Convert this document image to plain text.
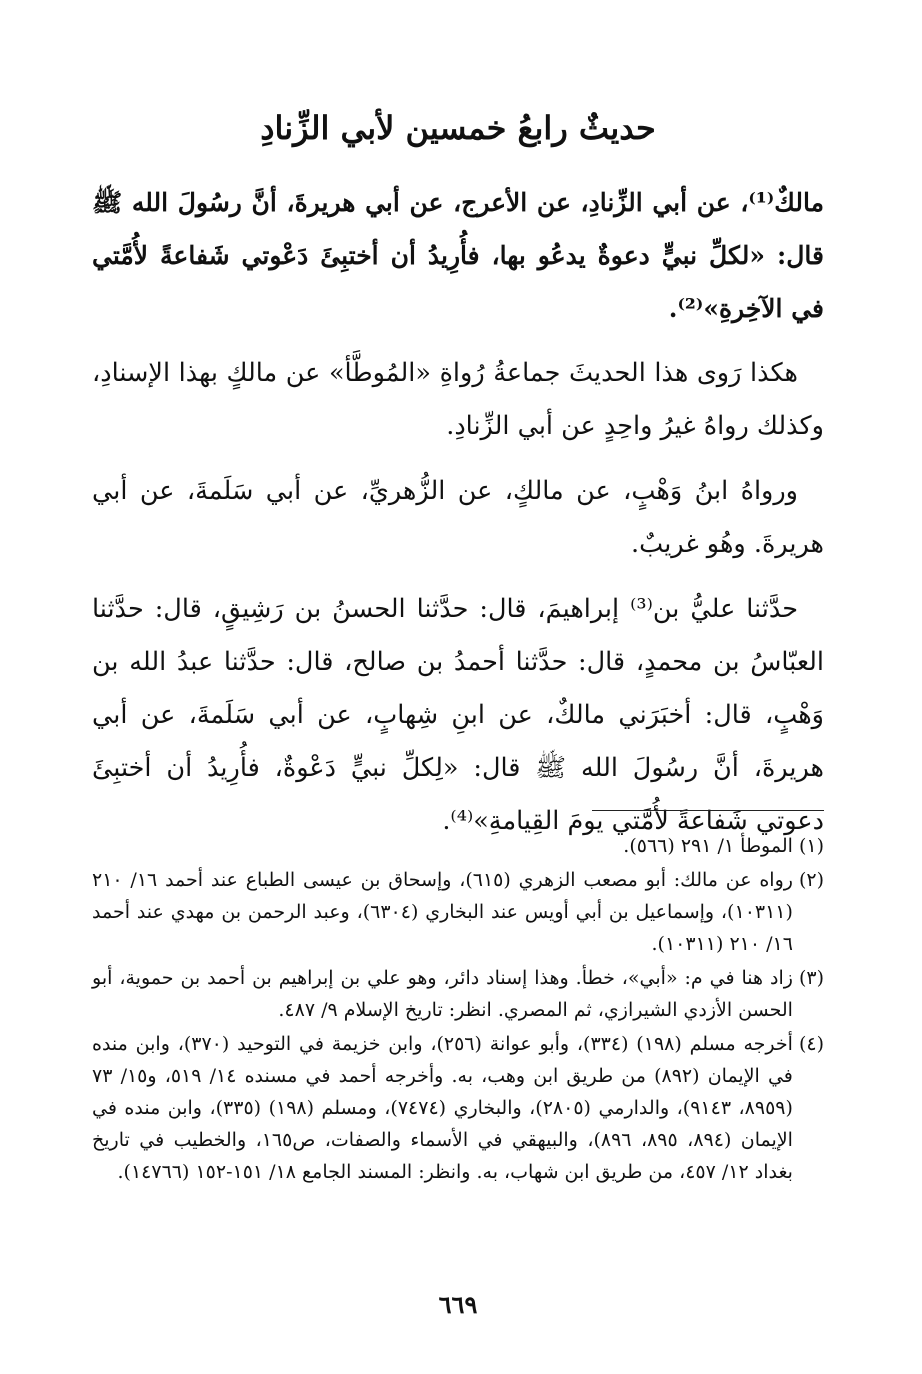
حديثٌ رابعُ خمسين لأبي الزِّنادِ

مالكٌ⁽¹⁾، عن أبي الزِّنادِ، عن الأعرج، عن أبي هريرةَ، أنَّ رسُولَ الله ﷺ قال: «لكلِّ نبيٍّ دعوةٌ يدعُو بها، فأُرِيدُ أن أختبِئَ دَعْوتي شَفاعةً لأُمَّتي في الآخِرةِ»⁽²⁾.

هكذا رَوى هذا الحديثَ جماعةُ رُواةِ «المُوطَّأ» عن مالكٍ بهذا الإسنادِ، وكذلك رواهُ غيرُ واحِدٍ عن أبي الزِّنادِ.

ورواهُ ابنُ وَهْبٍ، عن مالكٍ، عن الزُّهريِّ، عن أبي سَلَمةَ، عن أبي هريرةَ. وهُو غريبٌ.

حدَّثنا عليُّ بن⁽³⁾ إبراهيمَ، قال: حدَّثنا الحسنُ بن رَشِيقٍ، قال: حدَّثنا العبّاسُ بن محمدٍ، قال: حدَّثنا أحمدُ بن صالح، قال: حدَّثنا عبدُ الله بن وَهْبٍ، قال: أخبَرَني مالكٌ، عن ابنِ شِهابٍ، عن أبي سَلَمةَ، عن أبي هريرةَ، أنَّ رسُولَ الله ﷺ قال: «لِكلِّ نبيٍّ دَعْوةٌ، فأُرِيدُ أن أختبِئَ دعوتي شَفاعةً لأُمَّتي يومَ القِيامةِ»⁽⁴⁾.

(١)
الموطأ ١/ ٢٩١ (٥٦٦).
(٢)
رواه عن مالك: أبو مصعب الزهري (٦١٥)، وإسحاق بن عيسى الطباع عند أحمد ١٦/ ٢١٠ (١٠٣١١)، وإسماعيل بن أبي أويس عند البخاري (٦٣٠٤)، وعبد الرحمن بن مهدي عند أحمد ١٦/ ٢١٠ (١٠٣١١).
(٣)
زاد هنا في م: «أبي»، خطأ. وهذا إسناد دائر، وهو علي بن إبراهيم بن أحمد بن حموية، أبو الحسن الأزدي الشيرازي، ثم المصري. انظر: تاريخ الإسلام ٩/ ٤٨٧.
(٤)
أخرجه مسلم (١٩٨) (٣٣٤)، وأبو عوانة (٢٥٦)، وابن خزيمة في التوحيد (٣٧٠)، وابن منده في الإيمان (٨٩٢) من طريق ابن وهب، به. وأخرجه أحمد في مسنده ١٤/ ٥١٩، و١٥/ ٧٣ (٨٩٥٩، ٩١٤٣)، والدارمي (٢٨٠٥)، والبخاري (٧٤٧٤)، ومسلم (١٩٨) (٣٣٥)، وابن منده في الإيمان (٨٩٤، ٨٩٥، ٨٩٦)، والبيهقي في الأسماء والصفات، ص١٦٥، والخطيب في تاريخ بغداد ١٢/ ٤٥٧، من طريق ابن شهاب، به. وانظر: المسند الجامع ١٨/ ١٥١-١٥٢ (١٤٧٦٦).
٦٦٩
